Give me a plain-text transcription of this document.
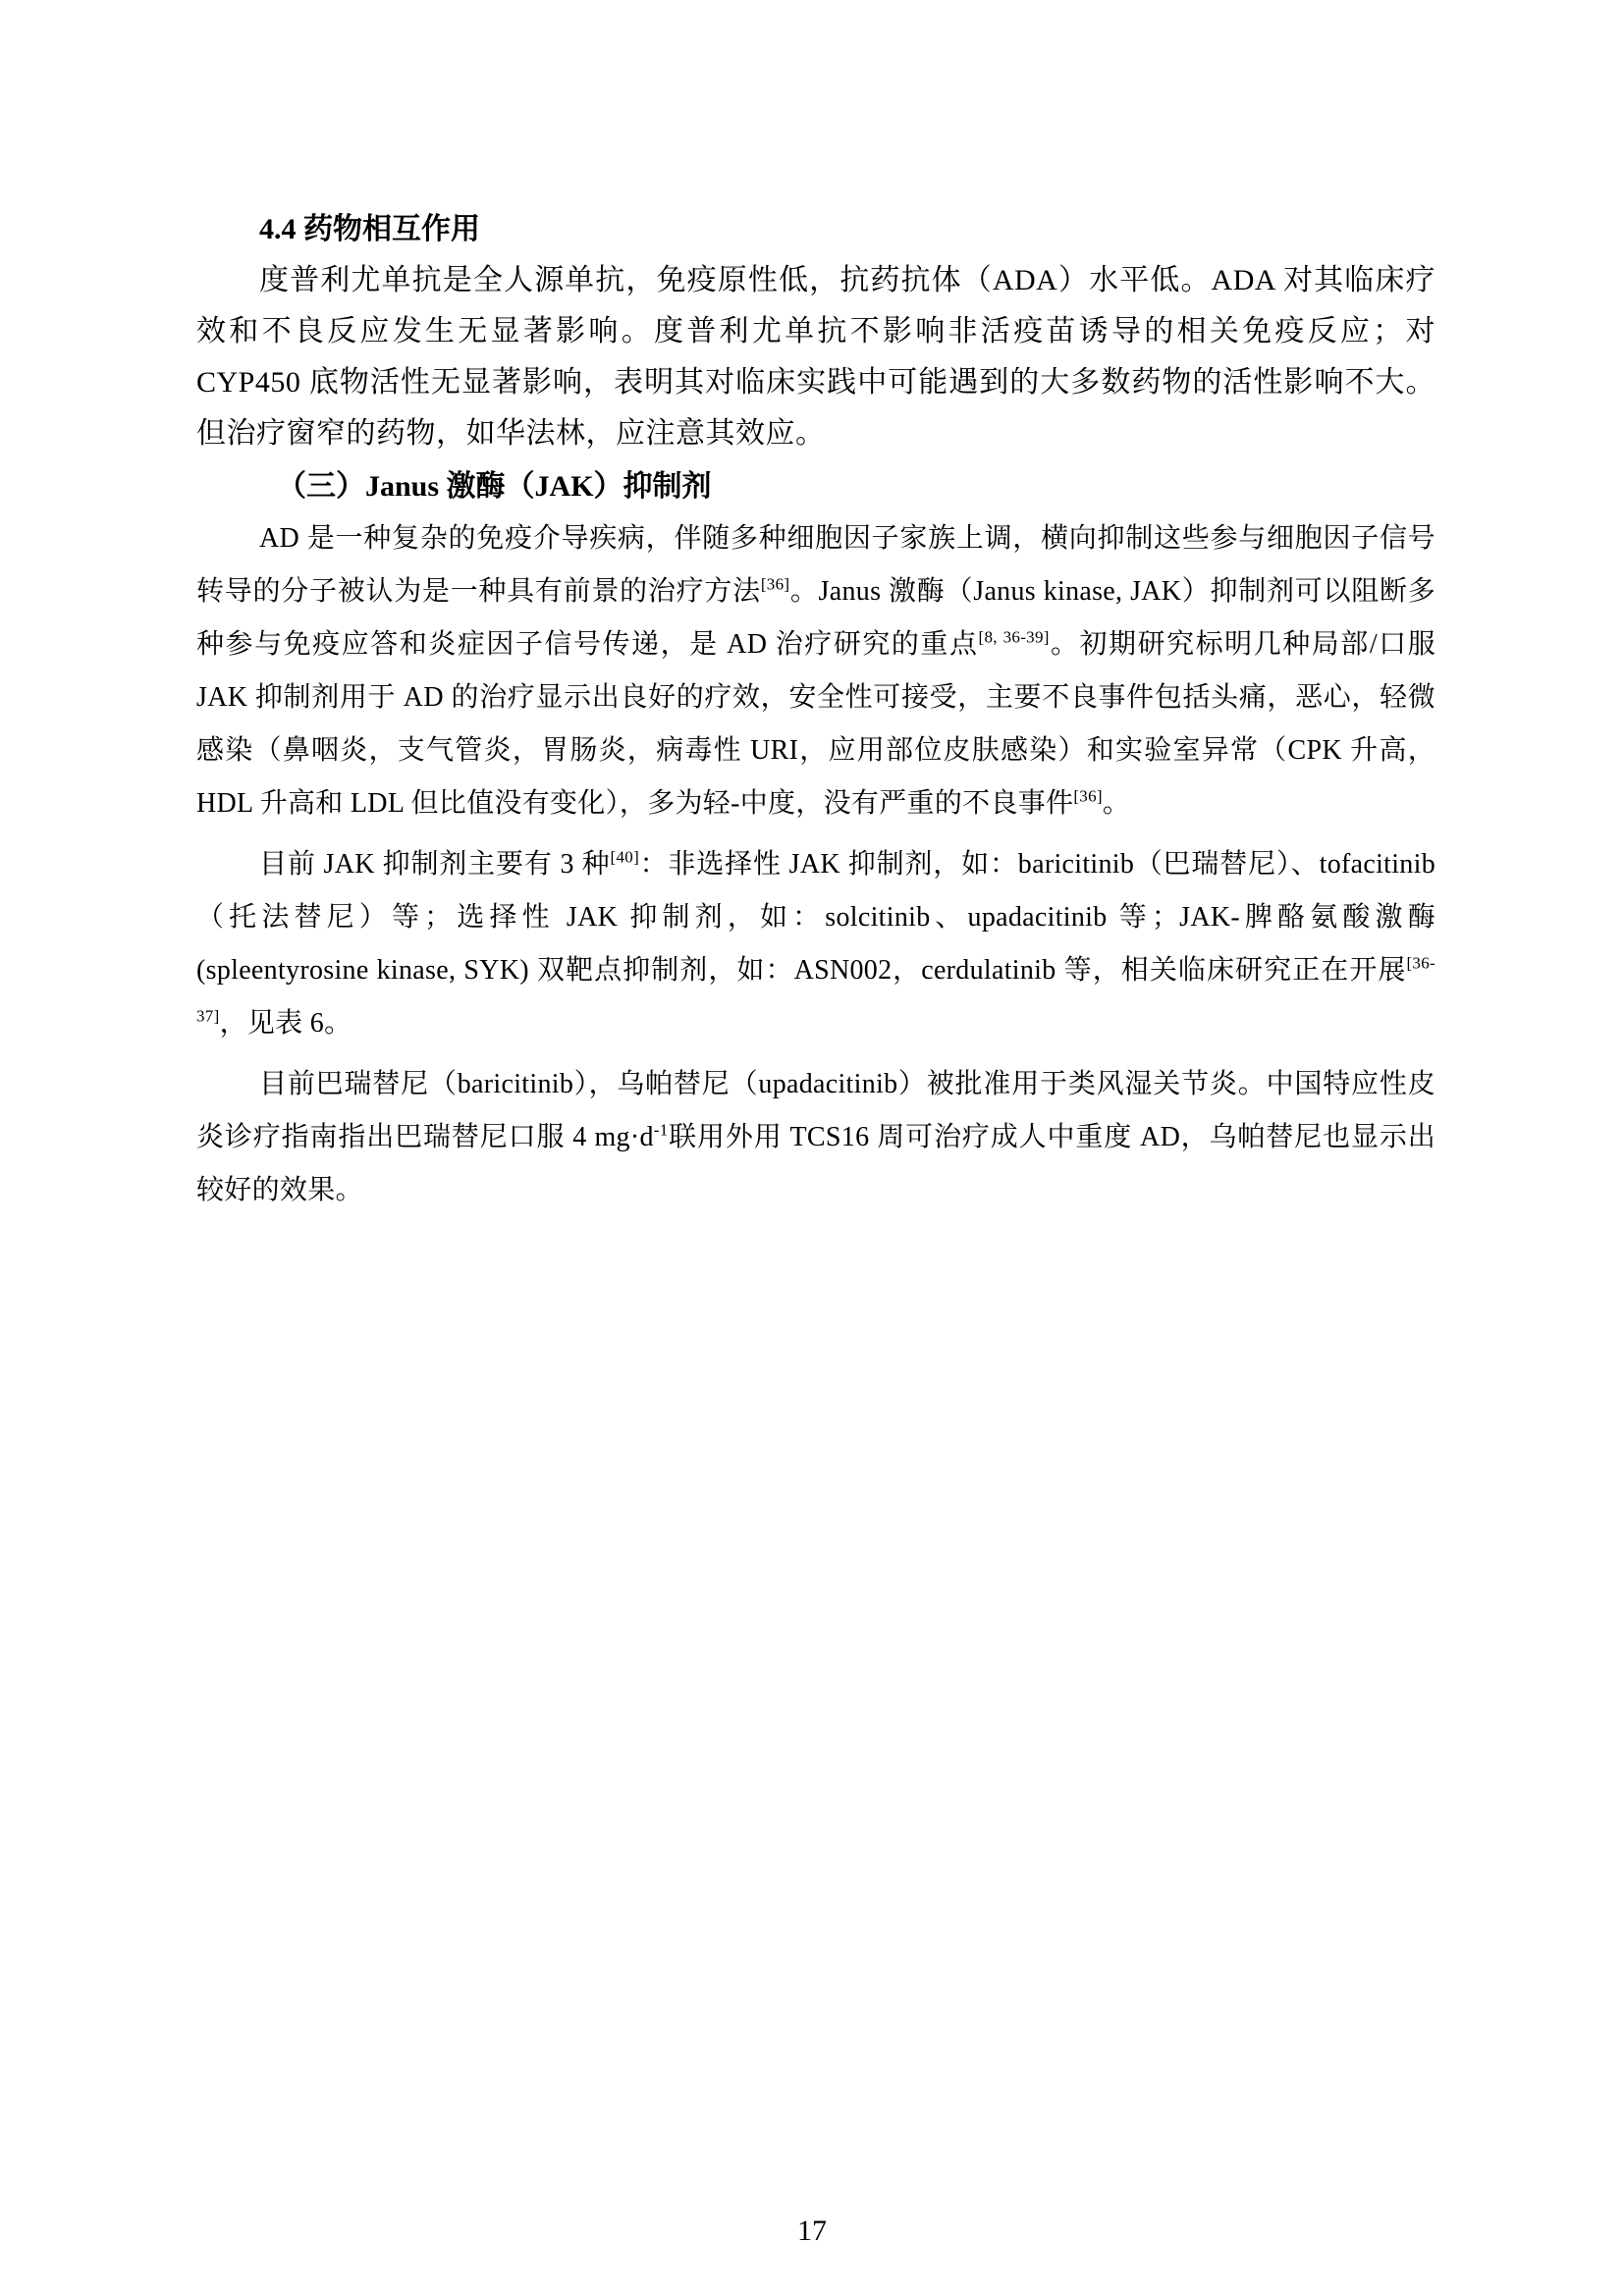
4.4 药物相互作用

度普利尤单抗是全人源单抗，免疫原性低，抗药抗体（ADA）水平低。ADA 对其临床疗效和不良反应发生无显著影响。度普利尤单抗不影响非活疫苗诱导的相关免疫反应；对 CYP450 底物活性无显著影响，表明其对临床实践中可能遇到的大多数药物的活性影响不大。但治疗窗窄的药物，如华法林，应注意其效应。

（三）Janus 激酶（JAK）抑制剂

AD 是一种复杂的免疫介导疾病，伴随多种细胞因子家族上调，横向抑制这些参与细胞因子信号转导的分子被认为是一种具有前景的治疗方法[36]。Janus 激酶（Janus kinase, JAK）抑制剂可以阻断多种参与免疫应答和炎症因子信号传递，是 AD 治疗研究的重点[8, 36-39]。初期研究标明几种局部/口服 JAK 抑制剂用于 AD 的治疗显示出良好的疗效，安全性可接受，主要不良事件包括头痛，恶心，轻微感染（鼻咽炎，支气管炎，胃肠炎，病毒性 URI，应用部位皮肤感染）和实验室异常（CPK 升高，HDL 升高和 LDL 但比值没有变化），多为轻-中度，没有严重的不良事件[36]。

目前 JAK 抑制剂主要有 3 种[40]：非选择性 JAK 抑制剂，如：baricitinib（巴瑞替尼）、tofacitinib（托法替尼）等；选择性 JAK 抑制剂，如：solcitinib、upadacitinib 等；JAK-脾酪氨酸激酶 (spleentyrosine kinase, SYK) 双靶点抑制剂，如：ASN002，cerdulatinib 等，相关临床研究正在开展[36-37]，见表 6。

目前巴瑞替尼（baricitinib），乌帕替尼（upadacitinib）被批准用于类风湿关节炎。中国特应性皮炎诊疗指南指出巴瑞替尼口服 4 mg·d$^{-1}$联用外用 TCS16 周可治疗成人中重度 AD，乌帕替尼也显示出较好的效果。

17
